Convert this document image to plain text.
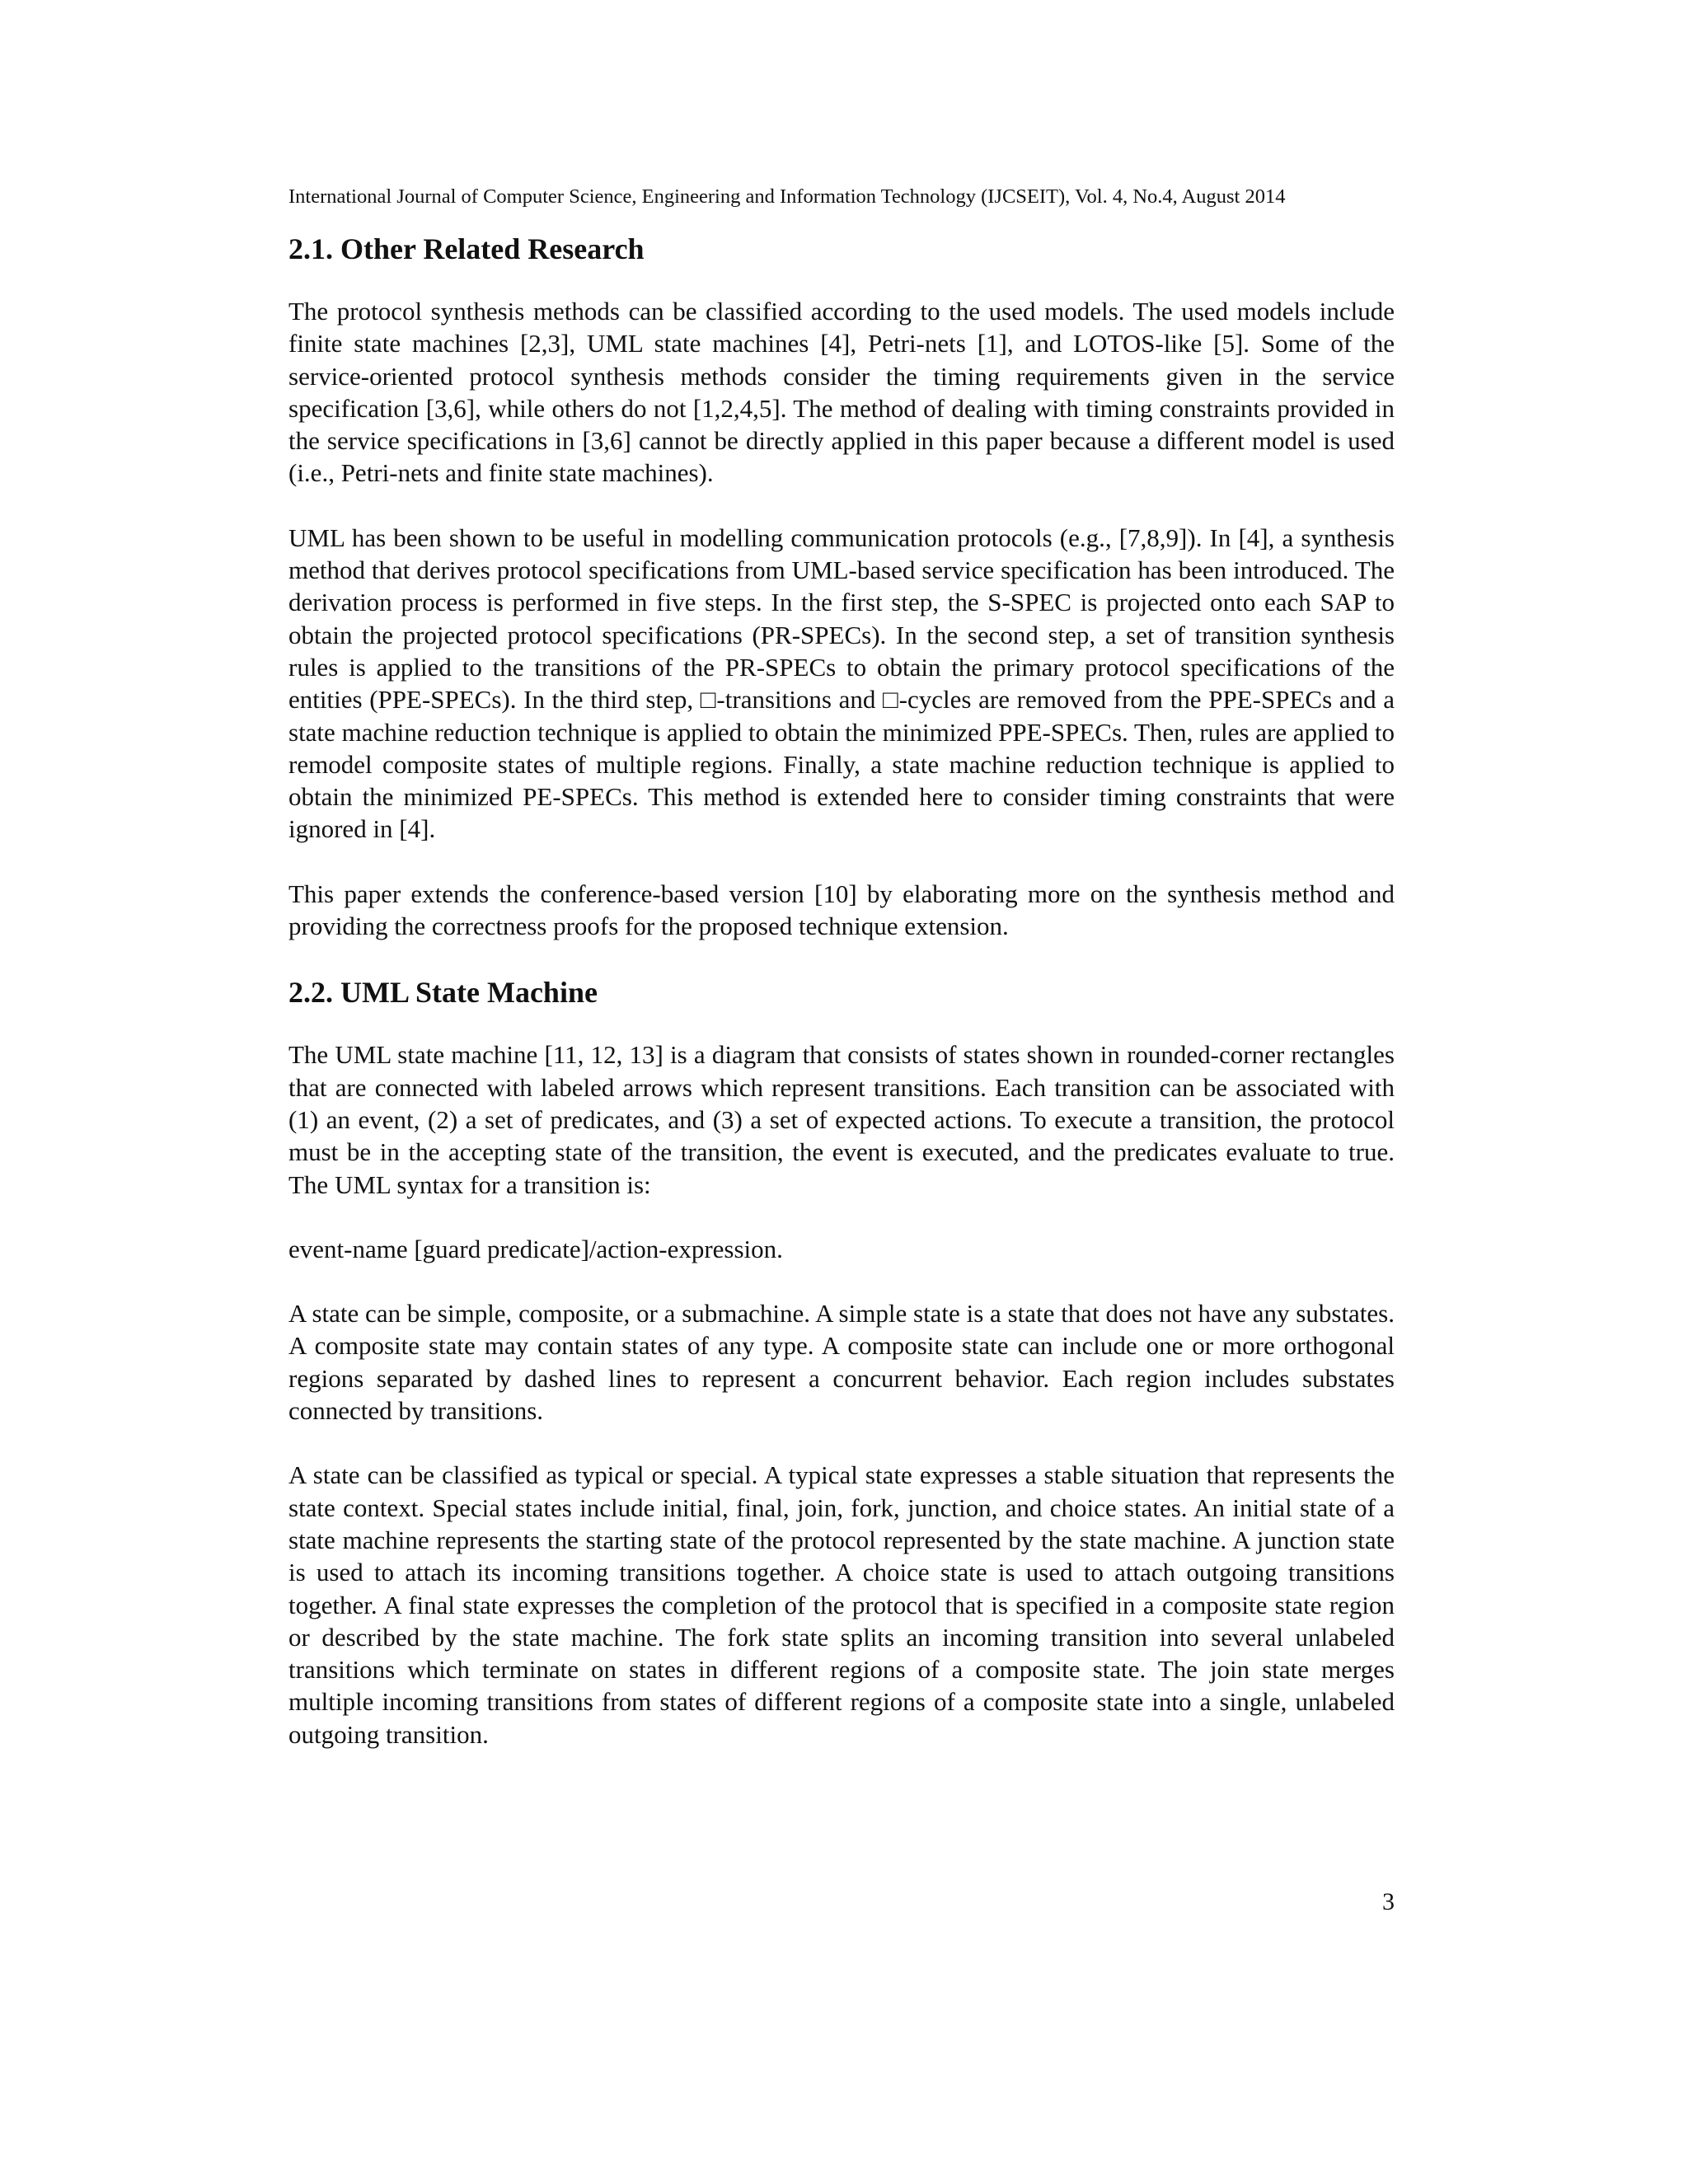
International Journal of Computer Science, Engineering and Information Technology (IJCSEIT), Vol. 4, No.4, August 2014
2.1. Other Related Research

The protocol synthesis methods can be classified according to the used models. The used models include finite state machines [2,3], UML state machines [4], Petri-nets [1], and LOTOS-like [5]. Some of the service-oriented protocol synthesis methods consider the timing requirements given in the service specification [3,6], while others do not [1,2,4,5]. The method of dealing with timing constraints provided in the service specifications in [3,6] cannot be directly applied in this paper because a different model is used (i.e., Petri-nets and finite state machines).

UML has been shown to be useful in modelling communication protocols (e.g., [7,8,9]). In [4], a synthesis method that derives protocol specifications from UML-based service specification has been introduced. The derivation process is performed in five steps. In the first step, the S-SPEC is projected onto each SAP to obtain the projected protocol specifications (PR-SPECs). In the second step, a set of transition synthesis rules is applied to the transitions of the PR-SPECs to obtain the primary protocol specifications of the entities (PPE-SPECs). In the third step, □-transitions and □-cycles are removed from the PPE-SPECs and a state machine reduction technique is applied to obtain the minimized PPE-SPECs. Then, rules are applied to remodel composite states of multiple regions. Finally, a state machine reduction technique is applied to obtain the minimized PE-SPECs. This method is extended here to consider timing constraints that were ignored in [4].

This paper extends the conference-based version [10] by elaborating more on the synthesis method and providing the correctness proofs for the proposed technique extension.

2.2. UML State Machine

The UML state machine [11, 12, 13] is a diagram that consists of states shown in rounded-corner rectangles that are connected with labeled arrows which represent transitions. Each transition can be associated with (1) an event, (2) a set of predicates, and (3) a set of expected actions. To execute a transition, the protocol must be in the accepting state of the transition, the event is executed, and the predicates evaluate to true. The UML syntax for a transition is:

event-name [guard predicate]/action-expression.

A state can be simple, composite, or a submachine. A simple state is a state that does not have any substates. A composite state may contain states of any type. A composite state can include one or more orthogonal regions separated by dashed lines to represent a concurrent behavior. Each region includes substates connected by transitions.

A state can be classified as typical or special. A typical state expresses a stable situation that represents the state context. Special states include initial, final, join, fork, junction, and choice states. An initial state of a state machine represents the starting state of the protocol represented by the state machine. A junction state is used to attach its incoming transitions together. A choice state is used to attach outgoing transitions together. A final state expresses the completion of the protocol that is specified in a composite state region or described by the state machine. The fork state splits an incoming transition into several unlabeled transitions which terminate on states in different regions of a composite state. The join state merges multiple incoming transitions from states of different regions of a composite state into a single, unlabeled outgoing transition.

3
